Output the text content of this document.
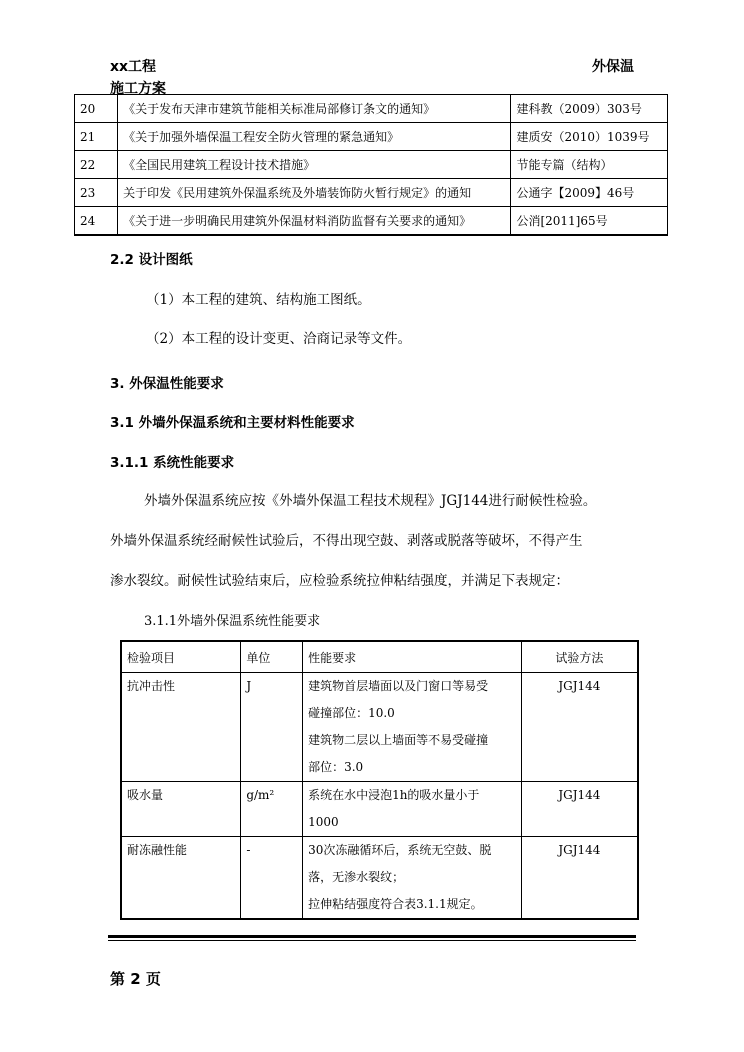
xx工程	外保温
施工方案
20	《关于发布天津市建筑节能相关标准局部修订条文的通知》	建科教（2009）303号
21	《关于加强外墙保温工程安全防火管理的紧急通知》	建质安（2010）1039号
22	《全国民用建筑工程设计技术措施》	节能专篇（结构）
23	关于印发《民用建筑外保温系统及外墙装饰防火暂行规定》的通知	公通字【2009】46号
24	《关于进一步明确民用建筑外保温材料消防监督有关要求的通知》	公消[2011]65号
2.2 设计图纸
（1）本工程的建筑、结构施工图纸。
（2）本工程的设计变更、洽商记录等文件。
3. 外保温性能要求
3.1 外墙外保温系统和主要材料性能要求
3.1.1 系统性能要求
外墙外保温系统应按《外墙外保温工程技术规程》JGJ144进行耐候性检验。
外墙外保温系统经耐候性试验后，不得出现空鼓、剥落或脱落等破坏，不得产生
渗水裂纹。耐候性试验结束后，应检验系统拉伸粘结强度，并满足下表规定：
3.1.1外墙外保温系统性能要求
检验项目	单位	性能要求	试验方法

抗冲击性	J	建筑物首层墙面以及门窗口等易受
碰撞部位：10.0
建筑物二层以上墙面等不易受碰撞
部位：3.0	JGJ144

吸水量	g/m²	系统在水中浸泡1h的吸水量小于
1000	JGJ144

耐冻融性能	-	30次冻融循环后，系统无空鼓、脱
落，无渗水裂纹；
拉伸粘结强度符合表3.1.1规定。	JGJ144
第 2 页
